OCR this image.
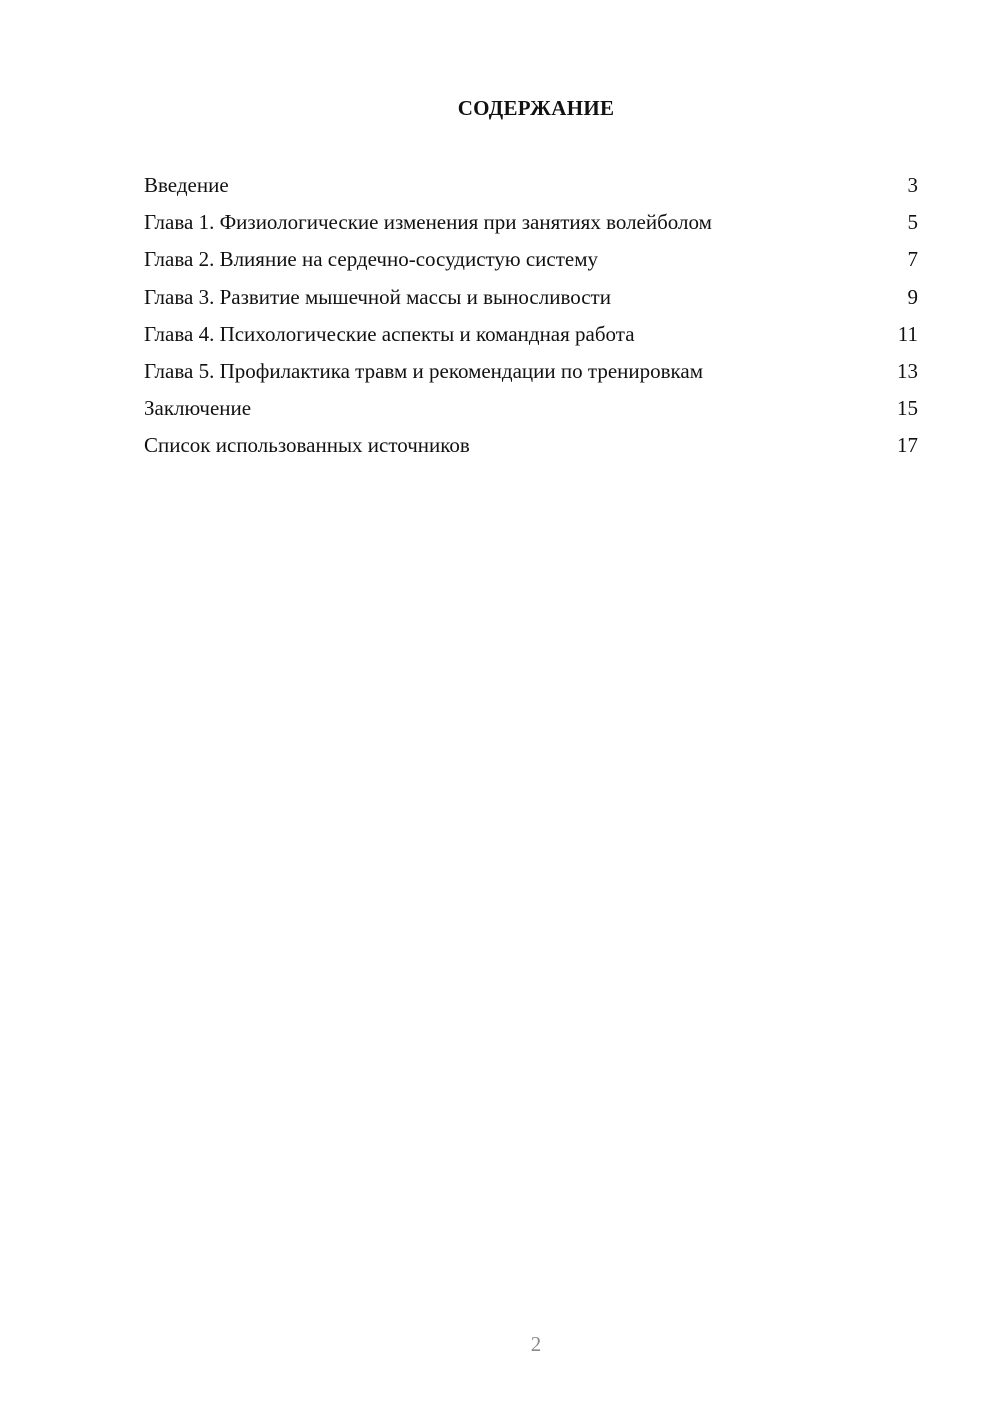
СОДЕРЖАНИЕ
Введение	3
Глава 1. Физиологические изменения при занятиях волейболом	5
Глава 2. Влияние на сердечно-сосудистую систему	7
Глава 3. Развитие мышечной массы и выносливости	9
Глава 4. Психологические аспекты и командная работа	11
Глава 5. Профилактика травм и рекомендации по тренировкам	13
Заключение	15
Список использованных источников	17
2
